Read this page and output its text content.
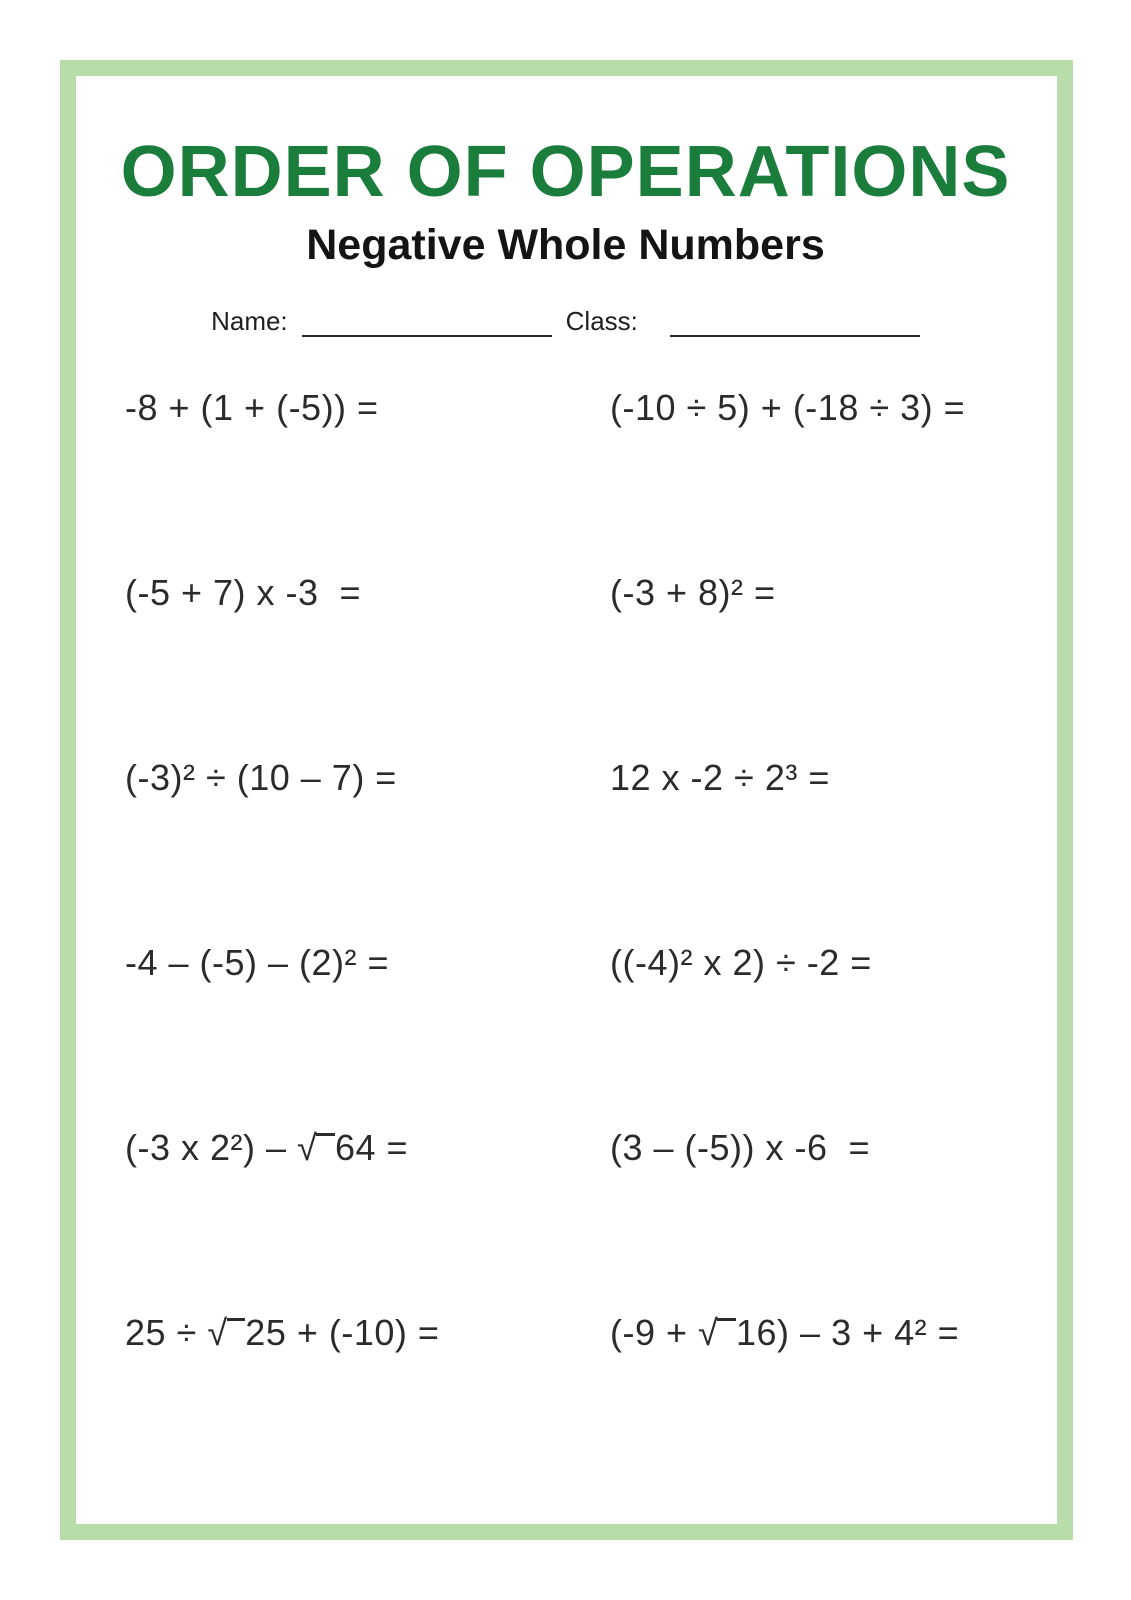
ORDER OF OPERATIONS
Negative Whole Numbers
Name:	Class:
-8 + (1 + (-5)) =	(-10 ÷ 5) + (-18 ÷ 3) =
(-5 + 7) x -3  =	(-3 + 8)² =
(-3)² ÷ (10 – 7) =	12 x -2 ÷ 2³ =
-4 – (-5) – (2)² =	((-4)² x 2) ÷ -2 =
(-3 x 2²) – √ 64 =	(3 – (-5)) x -6  =
25 ÷ √ 25 + (-10) =	(-9 + √ 16) – 3 + 4² =
